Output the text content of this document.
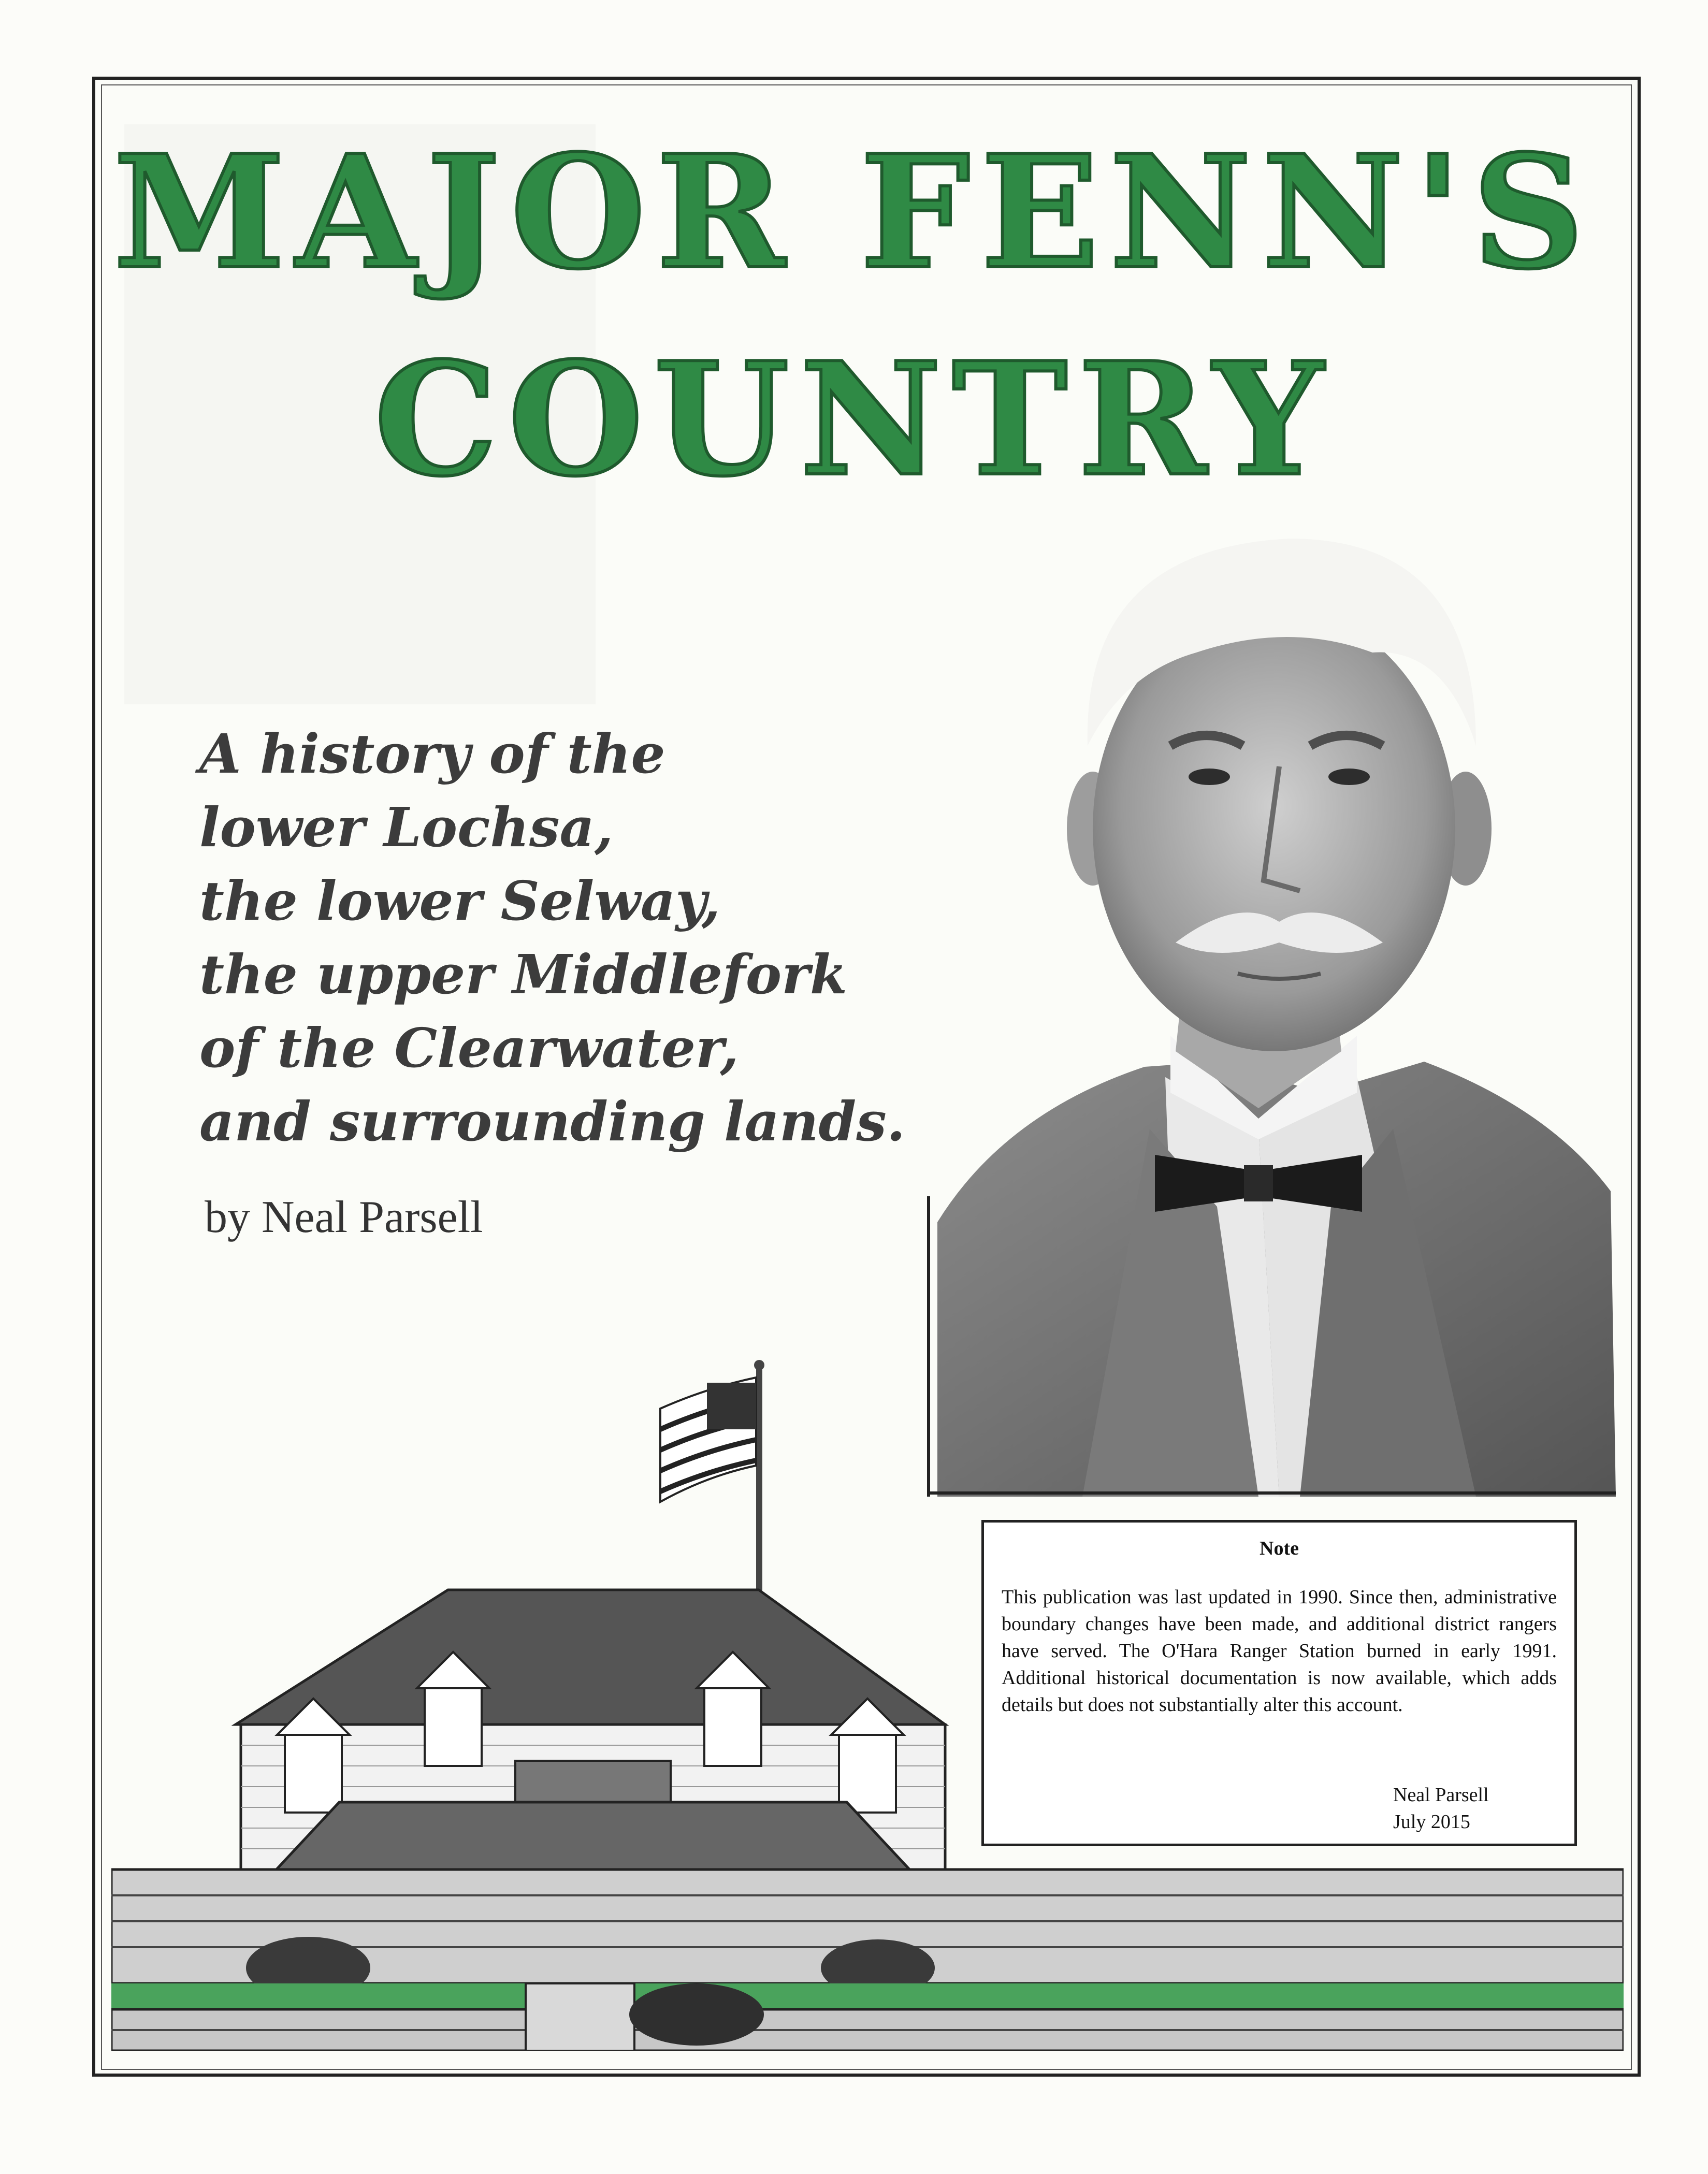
MAJOR FENN'S
COUNTRY
A history of the
lower Lochsa,
the lower Selway,
the upper Middlefork
of the Clearwater,
and surrounding lands.
by Neal Parsell
Note
This publication was last updated in 1990. Since then, administrative boundary changes have been made, and additional district rangers have served. The O'Hara Ranger Station burned in early 1991. Additional historical documentation is now available, which adds details but does not substantially alter this account.
Neal Parsell
July 2015
